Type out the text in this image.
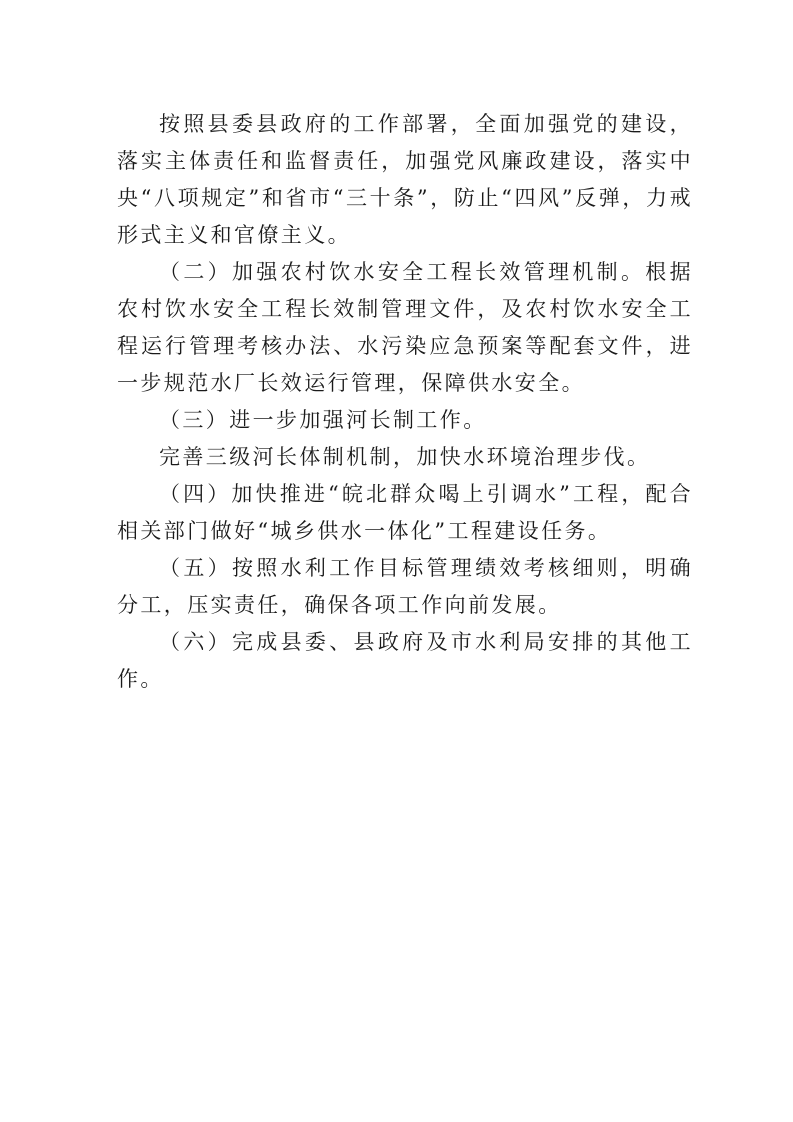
按照县委县政府的工作部署，全面加强党的建设，落实主体责任和监督责任，加强党风廉政建设，落实中央“八项规定”和省市“三十条”，防止“四风”反弹，力戒形式主义和官僚主义。

（二）加强农村饮水安全工程长效管理机制。根据农村饮水安全工程长效制管理文件，及农村饮水安全工程运行管理考核办法、水污染应急预案等配套文件，进一步规范水厂长效运行管理，保障供水安全。

（三）进一步加强河长制工作。

完善三级河长体制机制，加快水环境治理步伐。

（四）加快推进“皖北群众喝上引调水”工程，配合相关部门做好“城乡供水一体化”工程建设任务。

（五）按照水利工作目标管理绩效考核细则，明确分工，压实责任，确保各项工作向前发展。

（六）完成县委、县政府及市水利局安排的其他工作。
